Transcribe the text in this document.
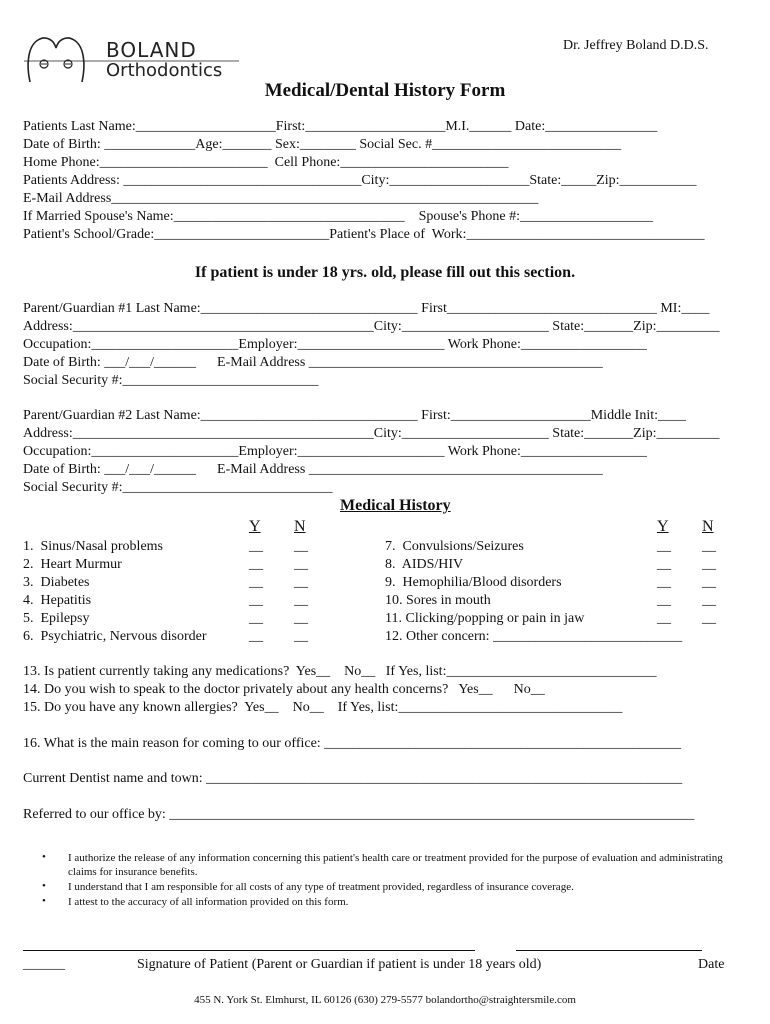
BOLAND
Orthodontics
Dr. Jeffrey Boland D.D.S.
Medical/Dental History Form
Patients Last Name:____________________First:____________________M.I.______ Date:________________
Date of Birth: _____________Age:_______ Sex:________ Social Sec. #___________________________
Home Phone:________________________  Cell Phone:________________________
Patients Address: __________________________________City:____________________State:_____Zip:___________
E-Mail Address_____________________________________________________________
If Married Spouse's Name:_________________________________    Spouse's Phone #:___________________
Patient's School/Grade:_________________________Patient's Place of  Work:__________________________________
If patient is under 18 yrs. old, please fill out this section.
Parent/Guardian #1 Last Name:_______________________________ First______________________________ MI:____
Address:___________________________________________City:_____________________ State:_______Zip:_________
Occupation:_____________________Employer:_____________________ Work Phone:__________________
Date of Birth: ___/___/______      E-Mail Address __________________________________________
Social Security #:____________________________
Parent/Guardian #2 Last Name:_______________________________ First:____________________Middle Init:____
Address:___________________________________________City:_____________________ State:_______Zip:_________
Occupation:_____________________Employer:_____________________ Work Phone:__________________
Date of Birth: ___/___/______      E-Mail Address __________________________________________
Social Security #:______________________________
Medical History
Y N	Y N
1.  Sinus/Nasal problems	__ __
2.  Heart Murmur	__ __
3.  Diabetes	__ __
4.  Hepatitis	__ __
5.  Epilepsy	__ __
6.  Psychiatric, Nervous disorder	__ __
7.  Convulsions/Seizures	__ __
8.  AIDS/HIV	__ __
9.  Hemophilia/Blood disorders	__ __
10. Sores in mouth	__ __
11. Clicking/popping or pain in jaw	__ __
12. Other concern: ___________________________
13. Is patient currently taking any medications?  Yes__    No__   If Yes, list:______________________________
14. Do you wish to speak to the doctor privately about any health concerns?   Yes__      No__
15. Do you have any known allergies?  Yes__    No__    If Yes, list:________________________________
16. What is the main reason for coming to our office: ___________________________________________________
Current Dentist name and town: ____________________________________________________________________
Referred to our office by: ___________________________________________________________________________
• I authorize the release of any information concerning this patient's health care or treatment provided for the purpose of evaluation and administrating claims for insurance benefits.
• I understand that I am responsible for all costs of any type of treatment provided, regardless of insurance coverage.
• I attest to the accuracy of all information provided on this form.
______	Signature of Patient (Parent or Guardian if patient is under 18 years old)	Date
455 N. York St. Elmhurst, IL 60126 (630) 279-5577 bolandortho@straightersmile.com
